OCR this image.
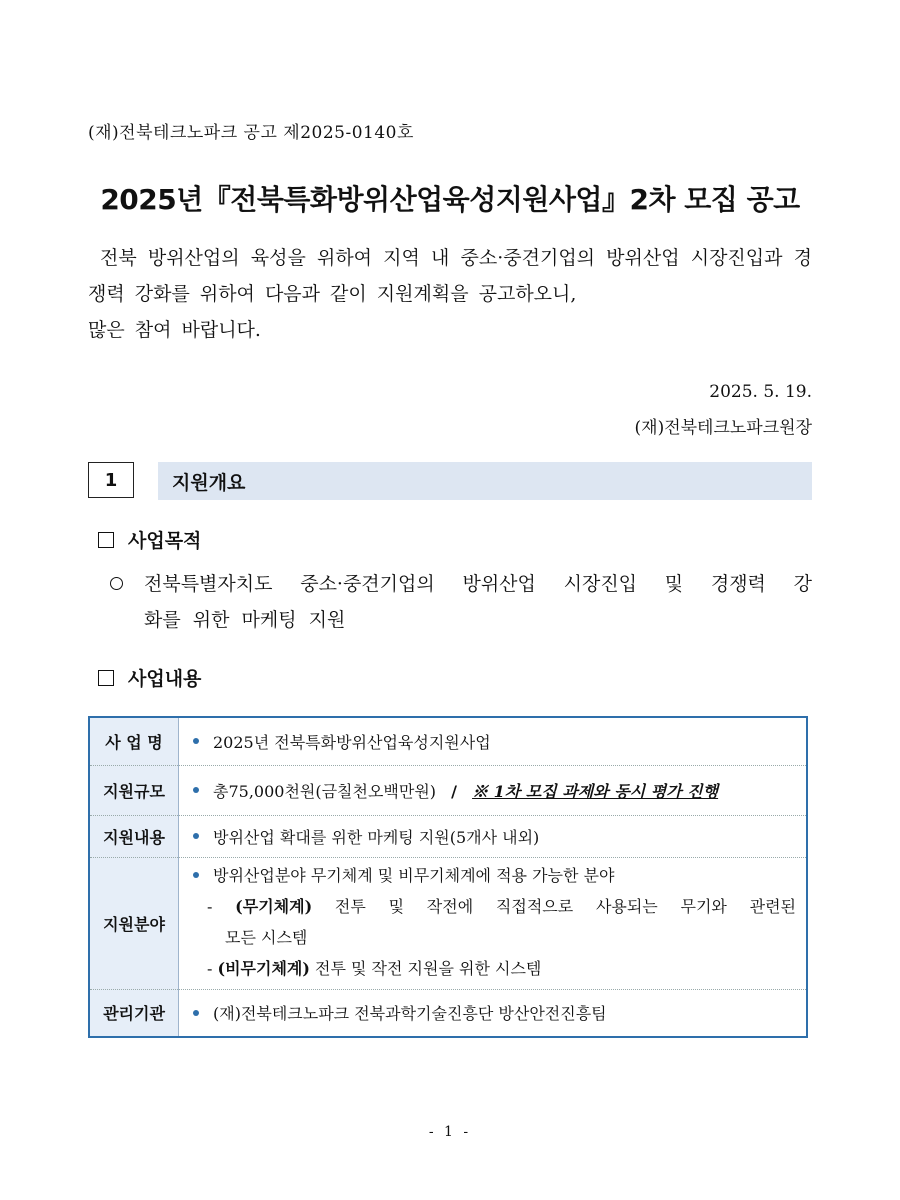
(재)전북테크노파크 공고 제2025-0140호
2025년『전북특화방위산업육성지원사업』2차 모집 공고
전북 방위산업의 육성을 위하여 지역 내 중소·중견기업의 방위산업 시장진입과 경쟁력 강화를 위하여 다음과 같이 지원계획을 공고하오니,
많은 참여 바랍니다.
2025. 5. 19.
(재)전북테크노파크원장
1	지원개요
사업목적
전북특별자치도 중소·중견기업의 방위산업 시장진입 및 경쟁력 강
화를 위한 마케팅 지원
사업내용
사 업 명	2025년 전북특화방위산업육성지원사업
지원규모	총75,000천원(금칠천오백만원) / ※ 1차 모집 과제와 동시 평가 진행
지원내용	방위산업 확대를 위한 마케팅 지원(5개사 내외)
지원분야	방위산업분야 무기체계 및 비무기체계에 적용 가능한 분야
- (무기체계) 전투 및 작전에 직접적으로 사용되는 무기와 관련된
모든 시스템
- (비무기체계) 전투 및 작전 지원을 위한 시스템

관리기관	(재)전북테크노파크 전북과학기술진흥단 방산안전진흥팀
- 1 -
